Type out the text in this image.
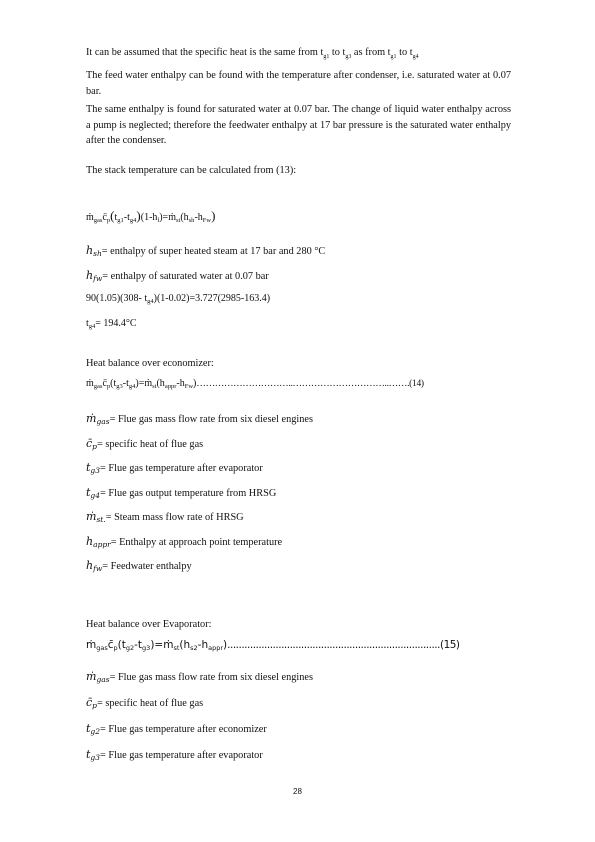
It can be assumed that the specific heat is the same from $t_{g1}$ to $t_{g3}$ as from $t_{g1}$ to $t_{g4}$
The feed water enthalpy can be found with the temperature after condenser, i.e. saturated water at 0.07 bar.
The same enthalpy is found for saturated water at 0.07 bar. The change of liquid water enthalpy across a pump is neglected; therefore the feedwater enthalpy at 17 bar pressure is the saturated water enthalpy after the condenser.
The stack temperature can be calculated from (13):
$ṁ_{gas}c̄_p(t_{g1}-t_{g4})(1-h_l)=ṁ_{st}(h_{sh}-h_{Fw})$
$h_{sh}=$ enthalpy of super heated steam at 17 bar and 280 °C
$h_{fw}=$ enthalpy of saturated water at 0.07 bar
90(1.05)(308- $t_{g4})(1-0.02)=3.727(2985-163.4)$
$t_{g4}= 194.4^\circ C$
Heat balance over economizer:
$ṁ_{gas}c̄_p(t_{g3}-t_{g4})=ṁ_{st}(h_{appr}-h_{Fw})\dots\dots\dots\dots\dots\dots\dots\dots\dots\dots..\dots\dots\dots\dots\dots\dots\dots\dots\dots\dots..\dots\dots.(14)$
ṁ$_{gas}$= Flue gas mass flow rate from six diesel engines
$c̄_p=$ specific heat of flue gas
$t_{g3}=$ Flue gas temperature after evaporator
$t_{g4}=$ Flue gas output temperature from HRSG
ṁ$_{st.}$= Steam mass flow rate of HRSG
$h_{appr}=$ Enthalpy at approach point temperature
$h_{fw}=$ Feedwater enthalpy
Heat balance over Evaporator:
$ṁ_{gas}c̄_p(t_{g2}-t_{g3})=ṁ_{st}(h_{s2}-h_{appr})...........................................................................(15)$
ṁ$_{gas}$= Flue gas mass flow rate from six diesel engines
$c̄_p=$ specific heat of flue gas
$t_{g2}=$ Flue gas temperature after economizer
$t_{g3}=$ Flue gas temperature after evaporator
28
